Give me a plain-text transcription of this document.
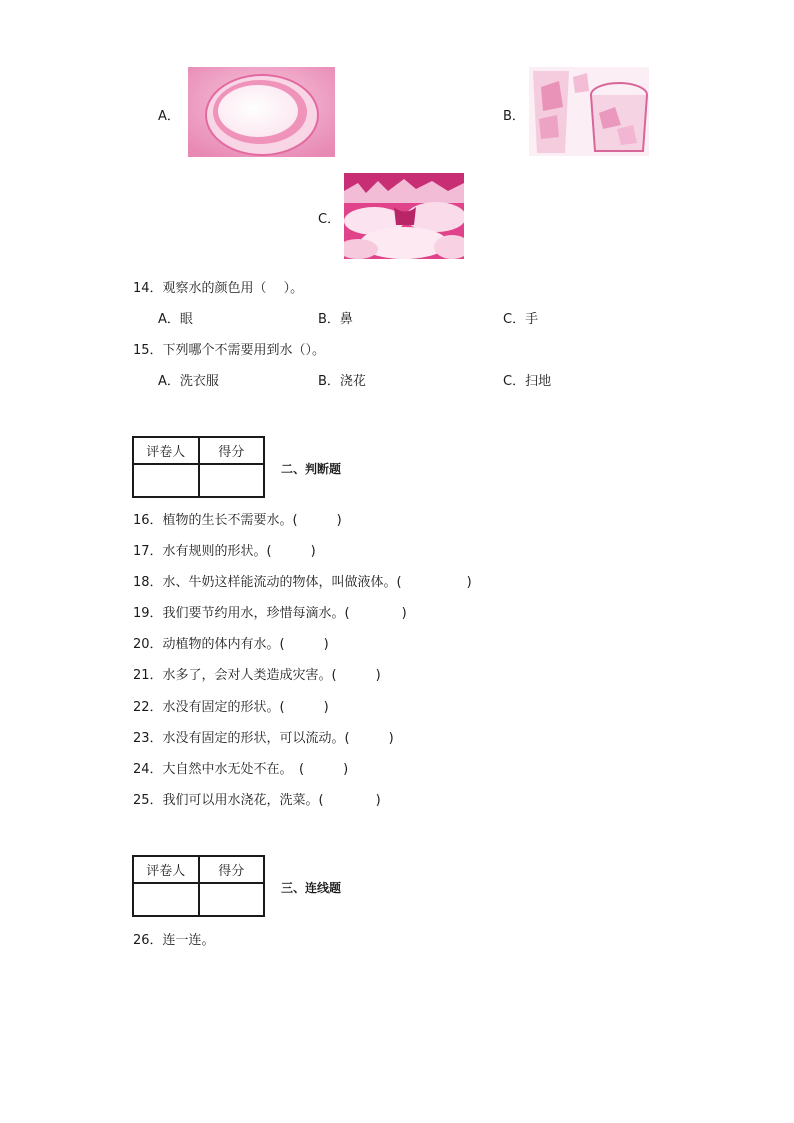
A．	B．
C．
14．观察水的颜色用（　 ）。
A．眼	B．鼻	C．手
15．下列哪个不需要用到水（）。
A．洗衣服	B．浇花	C．扫地
评卷人	得分

二、判断题
16．植物的生长不需要水。(　　　)
17．水有规则的形状。(　　　)
18．水、牛奶这样能流动的物体，叫做液体。(　　　　　)
19．我们要节约用水，珍惜每滴水。(　　　　)
20．动植物的体内有水。(　　　)
21．水多了，会对人类造成灾害。(　　　)
22．水没有固定的形状。(　　　)
23．水没有固定的形状，可以流动。(　　　)
24．大自然中水无处不在。　(　　　)
25．我们可以用水浇花，洗菜。(　　　　)
评卷人	得分

三、连线题
26．连一连。
